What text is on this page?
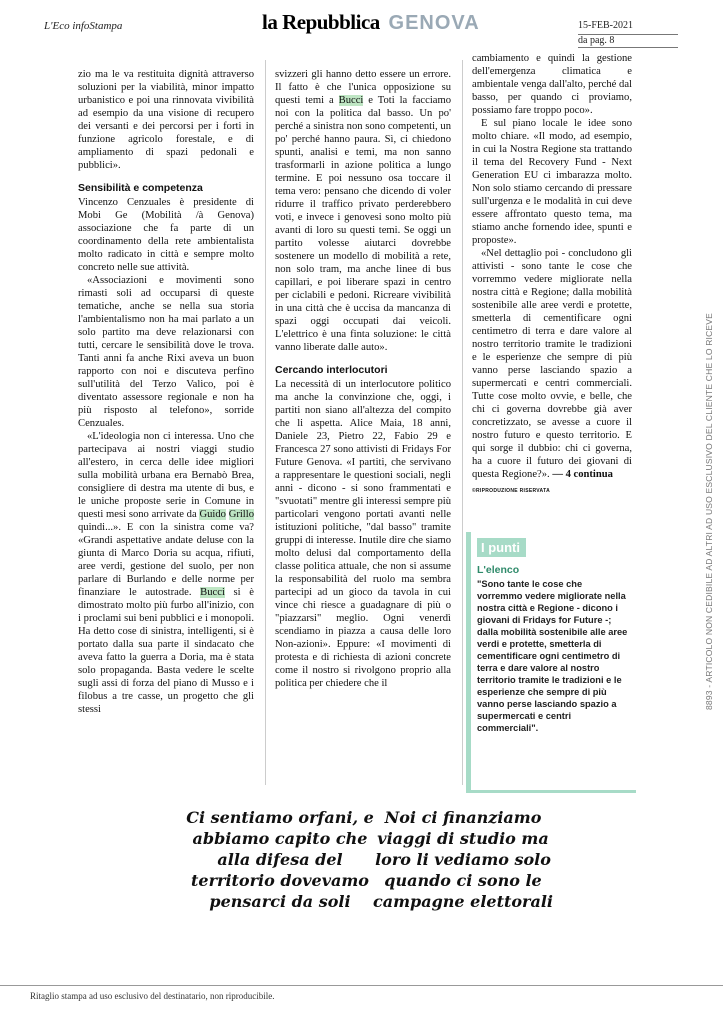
L'Eco infoStampa	la Repubblica GENOVA	15-FEB-2021
da pag. 8

zio ma le va restituita dignità attraverso soluzioni per la viabilità, minor impatto urbanistico e poi una rinnovata vivibilità ad esempio da una visione di recupero dei versanti e dei percorsi per i forti in funzione agricolo forestale, e di ampliamento di spazi pedonali e pubblici».

Sensibilità e competenza

Vincenzo Cenzuales è presidente di Mobi Ge (Mobilità /à Genova) associazione che fa parte di un coordinamento della rete ambientalista molto radicato in città e sempre molto concreto nelle sue attività.

«Associazioni e movimenti sono rimasti soli ad occuparsi di queste tematiche, anche se nella sua storia l'ambientalismo non ha mai parlato a un solo partito ma deve relazionarsi con tutti, cercare le sensibilità dove le trova. Tanti anni fa anche Rixi aveva un buon rapporto con noi e discuteva perfino sull'utilità del Terzo Valico, poi è diventato assessore regionale e non ha più risposto al telefono», sorride Cenzuales.

«L'ideologia non ci interessa. Uno che partecipava ai nostri viaggi studio all'estero, in cerca delle idee migliori sulla mobilità urbana era Bernabò Brea, consigliere di destra ma utente di bus, e le uniche proposte serie in Comune in questi mesi sono arrivate da Guido Grillo quindi...». E con la sinistra come va? «Grandi aspettative andate deluse con la giunta di Marco Doria su acqua, rifiuti, aree verdi, gestione del suolo, per non parlare di Burlando e delle norme per finanziare le autostrade. Bucci si è dimostrato molto più furbo all'inizio, con i proclami sui beni pubblici e i monopoli. Ha detto cose di sinistra, intelligenti, si è portato dalla sua parte il sindacato che aveva fatto la guerra a Doria, ma è stata solo propaganda. Basta vedere le scelte sugli assi di forza del piano di Musso e i filobus a tre casse, un progetto che gli stessi

svizzeri gli hanno detto essere un errore. Il fatto è che l'unica opposizione su questi temi a Bucci e Toti la facciamo noi con la politica dal basso. Un po' perché a sinistra non sono competenti, un po' perché hanno paura. Sì, ci chiedono spunti, analisi e temi, ma non sanno trasformarli in azione politica a lungo termine. E poi nessuno osa toccare il tema vero: pensano che dicendo di voler ridurre il traffico privato perderebbero voti, e invece i genovesi sono molto più avanti di loro su questi temi. Se oggi un partito volesse aiutarci dovrebbe sostenere un modello di mobilità a rete, non solo tram, ma anche linee di bus capillari, e poi liberare spazi in centro per ciclabili e pedoni. Ricreare vivibilità in una città che è uccisa da mancanza di spazi oggi occupati dai veicoli. L'elettrico è una finta soluzione: le città vanno liberate dalle auto».

Cercando interlocutori

La necessità di un interlocutore politico ma anche la convinzione che, oggi, i partiti non siano all'altezza del compito che li aspetta. Alice Maia, 18 anni, Daniele 23, Pietro 22, Fabio 29 e Francesca 27 sono attivisti di Fridays For Future Genova. «I partiti, che servivano a rappresentare le questioni sociali, negli anni - dicono - si sono frammentati e "svuotati" mentre gli interessi sempre più particolari vengono portati avanti nelle istituzioni politiche, "dal basso" tramite gruppi di interesse. Inutile dire che siamo molto delusi dal comportamento della classe politica attuale, che non si assume la responsabilità del ruolo ma sembra partecipi ad un gioco da tavola in cui vince chi riesce a guadagnare di più o "piazzarsi" meglio. Ogni venerdì scendiamo in piazza a causa delle loro Non-azioni». Eppure: «I movimenti di protesta e di richiesta di azioni concrete come il nostro si rivolgono proprio alla politica per chiedere che il

cambiamento e quindi la gestione dell'emergenza climatica e ambientale venga dall'alto, perché dal basso, per quando ci proviamo, possiamo fare troppo poco».

E sul piano locale le idee sono molto chiare. «Il modo, ad esempio, in cui la Nostra Regione sta trattando il tema del Recovery Fund - Next Generation EU ci imbarazza molto. Non solo stiamo cercando di pressare sull'urgenza e le modalità in cui deve essere affrontato questo tema, ma stiamo anche fornendo idee, spunti e proposte».

«Nel dettaglio poi - concludono gli attivisti - sono tante le cose che vorremmo vedere migliorate nella nostra città e Regione; dalla mobilità sostenibile alle aree verdi e protette, smetterla di cementificare ogni centimetro di terra e dare valore al nostro territorio tramite le tradizioni e le esperienze che sempre di più vanno perse lasciando spazio a supermercati e centri commerciali. Tutte cose molto ovvie, e belle, che chi ci governa dovrebbe già aver concretizzato, se avesse a cuore il nostro futuro e questo territorio. E qui sorge il dubbio: chi ci governa, ha a cuore il futuro dei giovani di questa Regione?». — 4 continua

©RIPRODUZIONE RISERVATA
I punti
L'elenco
"Sono tante le cose che vorremmo vedere migliorate nella nostra città e Regione - dicono i giovani di Fridays for Future -; dalla mobilità sostenibile alle aree verdi e protette, smetterla di cementificare ogni centimetro di terra e dare valore al nostro territorio tramite le tradizioni e le esperienze che sempre di più vanno perse lasciando spazio a supermercati e centri commerciali".
Ci sentiamo orfani, e abbiamo capito che alla difesa del territorio dovevamo pensarci da soli
Noi ci finanziamo viaggi di studio ma loro li vediamo solo quando ci sono le campagne elettorali
8893 - ARTICOLO NON CEDIBILE AD ALTRI AD USO ESCLUSIVO DEL CLIENTE CHE LO RICEVE
Ritaglio stampa ad uso esclusivo del destinatario, non riproducibile.
